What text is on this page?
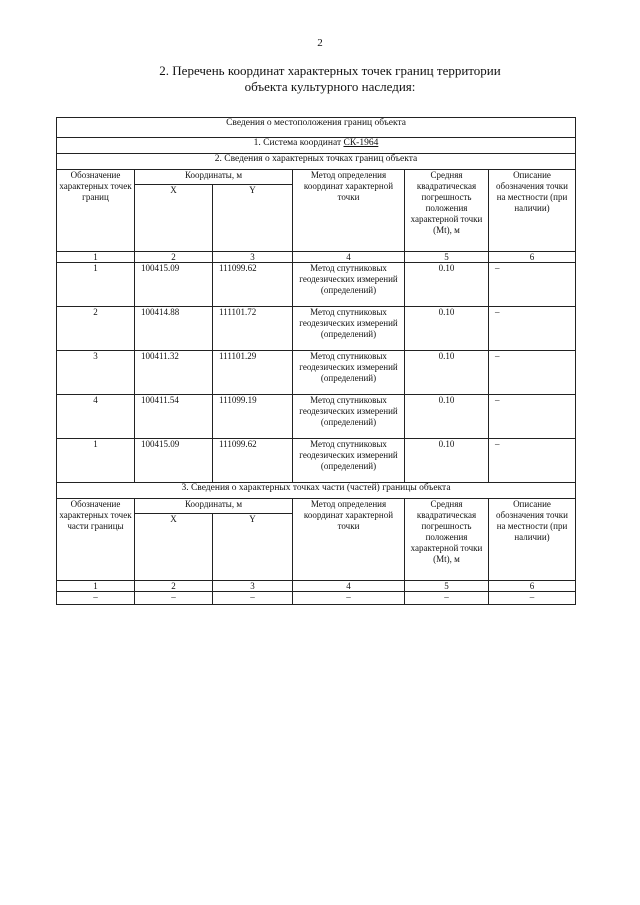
2
2. Перечень координат характерных точек границ территории
объекта культурного наследия:
Сведения о местоположения границ объекта					
1. Система координат СК-1964					
2. Сведения о характерных точках границ объекта					
Обозначение характерных точек границ	Координаты, м		Метод определения координат характерной точки	Средняя квадратическая погрешность положения характерной точки (Mt), м	Описание обозначения точки на местности (при наличии)
	X	Y			
1	2	3	4	5	6
1	100415.09	111099.62	Метод спутниковых геодезических измерений (определений)	0.10	–
2	100414.88	111101.72	Метод спутниковых геодезических измерений (определений)	0.10	–
3	100411.32	111101.29	Метод спутниковых геодезических измерений (определений)	0.10	–
4	100411.54	111099.19	Метод спутниковых геодезических измерений (определений)	0.10	–
1	100415.09	111099.62	Метод спутниковых геодезических измерений (определений)	0.10	–
3. Сведения о характерных точках части (частей) границы объекта					
Обозначение характерных точек части границы	Координаты, м		Метод определения координат характерной точки	Средняя квадратическая погрешность положения характерной точки (Mt), м	Описание обозначения точки на местности (при наличии)
	X	Y			
1	2	3	4	5	6
–	–	–	–	–	–
